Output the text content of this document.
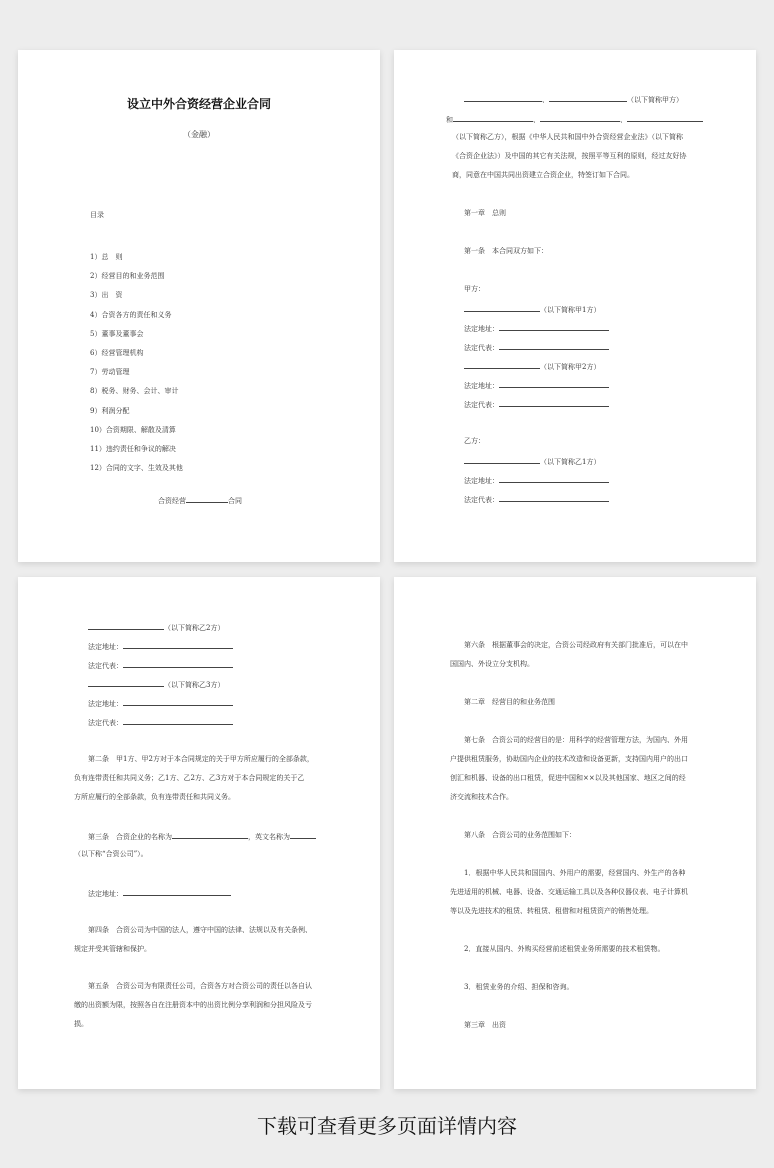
设立中外合资经营企业合同
（金融）
目录
1）总　则
2）经营目的和业务范围
3）出　资
4）合资各方的责任和义务
5）董事及董事会
6）经营管理机构
7）劳动管理
8）税务、财务、会计、审计
9）利润分配
10）合资期限、解散及清算
11）违约责任和争议的解决
12）合同的文字、生效及其他
合资经营	合同
、	（以下简称甲方）
和	、	、
（以下简称乙方），根据《中华人民共和国中外合资经营企业法》（以下简称
《合资企业法》）及中国的其它有关法规，按照平等互利的原则，经过友好协
商，同意在中国共同出资建立合资企业，特签订如下合同。
第一章　总则
第一条　本合同双方如下：
甲方：
（以下简称甲1方）
法定地址：
法定代表：
（以下简称甲2方）
法定地址：
法定代表：
乙方：
（以下简称乙1方）
法定地址：
法定代表：
（以下简称乙2方）
法定地址：
法定代表：
（以下简称乙3方）
法定地址：
法定代表：
第二条　甲1方、甲2方对于本合同规定的关于甲方所应履行的全部条款，
负有连带责任和共同义务；乙1方、乙2方、乙3方对于本合同规定的关于乙
方所应履行的全部条款，负有连带责任和共同义务。
第三条　合资企业的名称为	，英文名称为
（以下称“合资公司”）。
法定地址：
第四条　合资公司为中国的法人，遵守中国的法律、法规以及有关条例、
规定并受其管辖和保护。
第五条　合资公司为有限责任公司，合资各方对合资公司的责任以各自认
缴的出资额为限，按照各自在注册资本中的出资比例分享利润和分担风险及亏
损。
第六条　根据董事会的决定，合资公司经政府有关部门批准后，可以在中
国国内、外设立分支机构。
第二章　经营目的和业务范围
第七条　合资公司的经营目的是：用科学的经营管理方法，为国内、外用
户提供租赁服务，协助国内企业的技术改造和设备更新，支持国内用户的出口
创汇和机器、设备的出口租赁，促进中国和××以及其他国家、地区之间的经
济交流和技术合作。
第八条　合资公司的业务范围如下：
1．根据中华人民共和国国内、外用户的需要，经营国内、外生产的各种
先进适用的机械、电器、设备、交通运输工具以及各种仪器仪表、电子计算机
等以及先进技术的租赁、转租赁、租借和对租赁资产的销售处理。
2．直接从国内、外购买经营前述租赁业务所需要的技术租赁物。
3．租赁业务的介绍、担保和咨询。
第三章　出资
下载可查看更多页面详情内容
